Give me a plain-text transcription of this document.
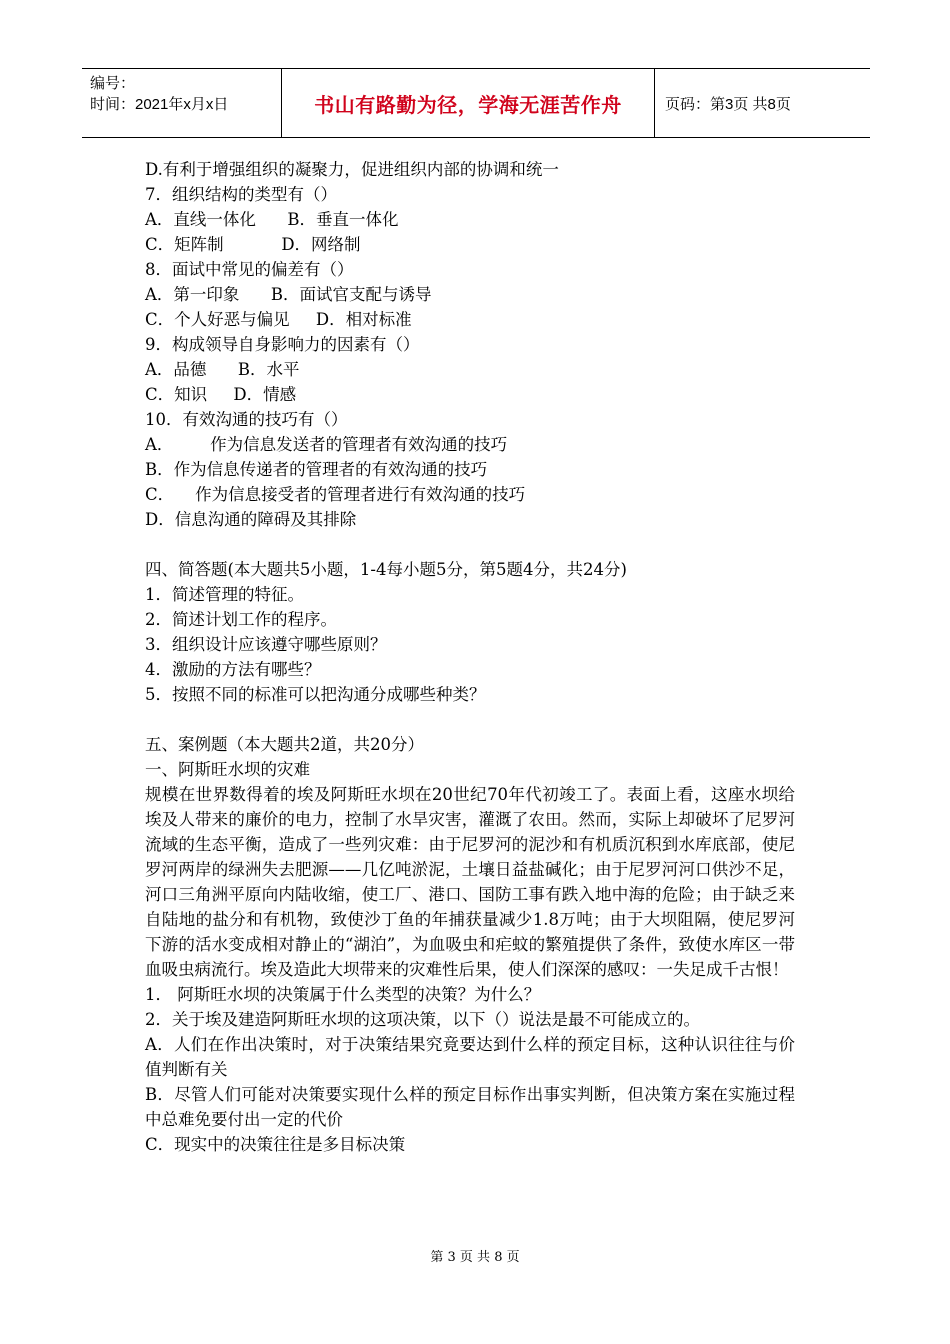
编号：
时间：2021年x月x日	书山有路勤为径，学海无涯苦作舟	页码：第3页 共8页
D.有利于增强组织的凝聚力，促进组织内部的协调和统一
7．组织结构的类型有（）
A．直线一体化      B．垂直一体化
C．矩阵制           D．网络制
8．面试中常见的偏差有（）
A．第一印象      B．面试官支配与诱导
C．个人好恶与偏见     D．相对标准
9．构成领导自身影响力的因素有（）
A．品德      B．水平
C．知识     D．情感
10．有效沟通的技巧有（）
A．       作为信息发送者的管理者有效沟通的技巧
B．作为信息传递者的管理者的有效沟通的技巧
C．    作为信息接受者的管理者进行有效沟通的技巧
D．信息沟通的障碍及其排除
四、简答题(本大题共5小题，1-4每小题5分，第5题4分，共24分)
1．简述管理的特征。
2．简述计划工作的程序。
3．组织设计应该遵守哪些原则？
4．激励的方法有哪些？
5．按照不同的标准可以把沟通分成哪些种类？
五、案例题（本大题共2道，共20分）
一、阿斯旺水坝的灾难
规模在世界数得着的埃及阿斯旺水坝在20世纪70年代初竣工了。表面上看，这座水坝给埃及人带来的廉价的电力，控制了水旱灾害，灌溉了农田。然而，实际上却破坏了尼罗河流域的生态平衡，造成了一些列灾难：由于尼罗河的泥沙和有机质沉积到水库底部，使尼罗河两岸的绿洲失去肥源——几亿吨淤泥，土壤日益盐碱化；由于尼罗河河口供沙不足，河口三角洲平原向内陆收缩，使工厂、港口、国防工事有跌入地中海的危险；由于缺乏来自陆地的盐分和有机物，致使沙丁鱼的年捕获量减少1.8万吨；由于大坝阻隔，使尼罗河下游的活水变成相对静止的“湖泊”，为血吸虫和疟蚊的繁殖提供了条件，致使水库区一带血吸虫病流行。埃及造此大坝带来的灾难性后果，使人们深深的感叹：一失足成千古恨！
1． 阿斯旺水坝的决策属于什么类型的决策？为什么？
2．关于埃及建造阿斯旺水坝的这项决策，以下（）说法是最不可能成立的。
A．人们在作出决策时，对于决策结果究竟要达到什么样的预定目标，这种认识往往与价值判断有关
B．尽管人们可能对决策要实现什么样的预定目标作出事实判断，但决策方案在实施过程中总难免要付出一定的代价
C．现实中的决策往往是多目标决策
第 3 页 共 8 页
